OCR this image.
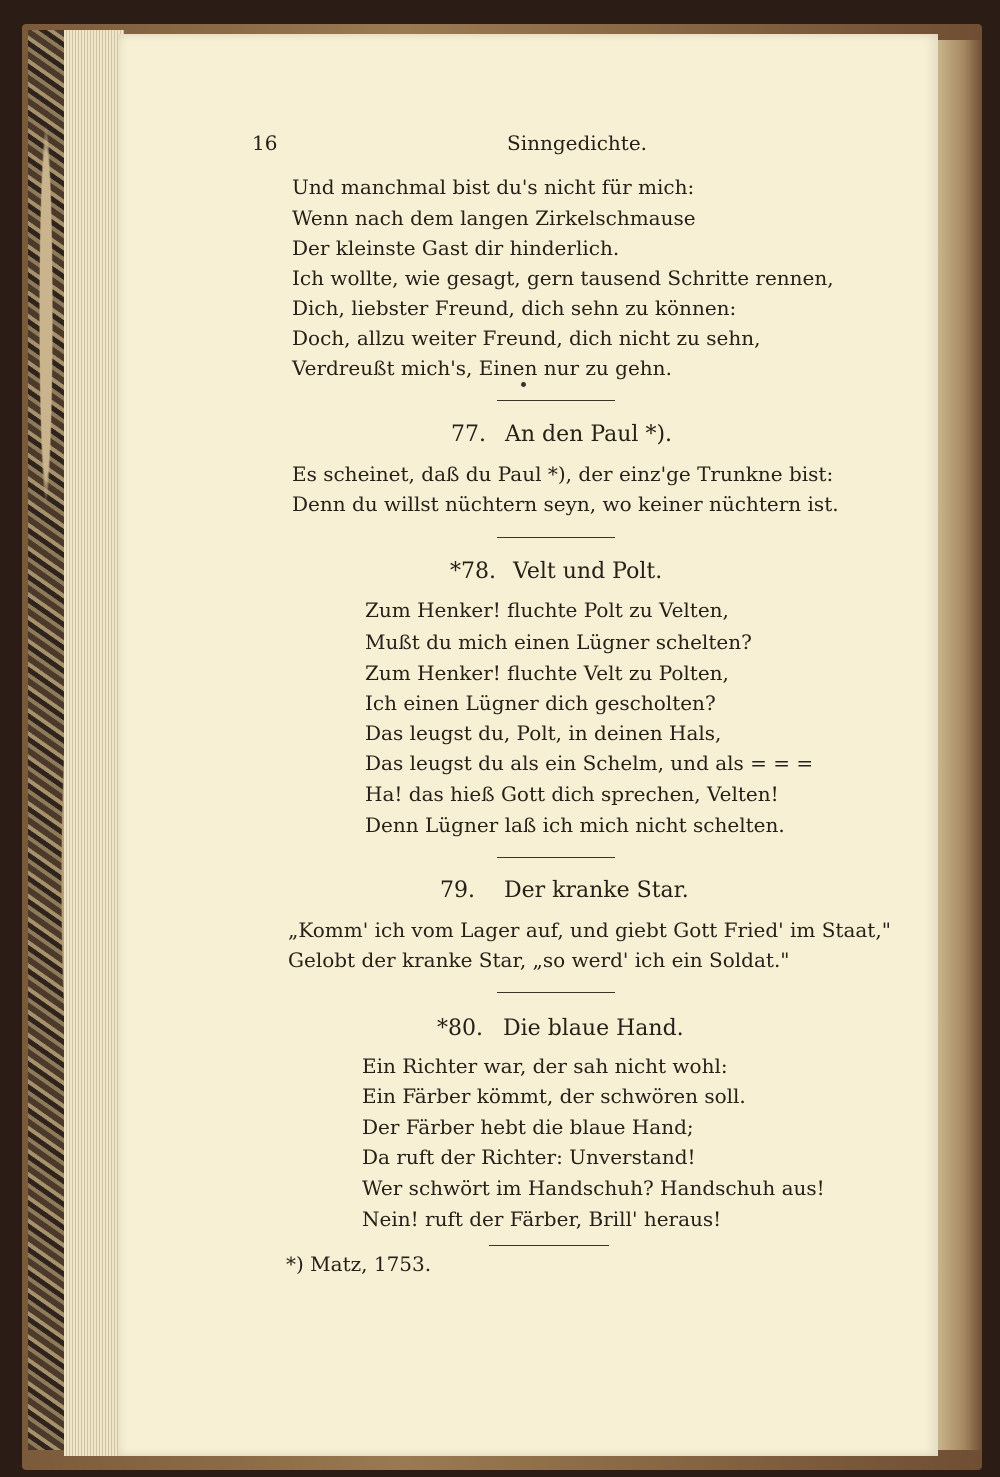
16	Sinngedichte.
Und manchmal bist du's nicht für mich:
Wenn nach dem langen Zirkelschmause
Der kleinste Gast dir hinderlich.
Ich wollte, wie gesagt, gern tausend Schritte rennen,
Dich, liebster Freund, dich sehn zu können:
Doch, allzu weiter Freund, dich nicht zu sehn,
Verdreußt mich's, Einen nur zu gehn.
77. An den Paul *).
Es scheinet, daß du Paul *), der einz'ge Trunkne bist:
Denn du willst nüchtern seyn, wo keiner nüchtern ist.
*78. Velt und Polt.
Zum Henker! fluchte Polt zu Velten,
Mußt du mich einen Lügner schelten?
Zum Henker! fluchte Velt zu Polten,
Ich einen Lügner dich gescholten?
Das leugst du, Polt, in deinen Hals,
Das leugst du als ein Schelm, und als = = =
Ha! das hieß Gott dich sprechen, Velten!
Denn Lügner laß ich mich nicht schelten.
79. Der kranke Star.
„Komm' ich vom Lager auf, und giebt Gott Fried' im Staat,"
Gelobt der kranke Star, „so werd' ich ein Soldat."
*80. Die blaue Hand.
Ein Richter war, der sah nicht wohl:
Ein Färber kömmt, der schwören soll.
Der Färber hebt die blaue Hand;
Da ruft der Richter: Unverstand!
Wer schwört im Handschuh? Handschuh aus!
Nein! ruft der Färber, Brill' heraus!
*) Matz, 1753.
